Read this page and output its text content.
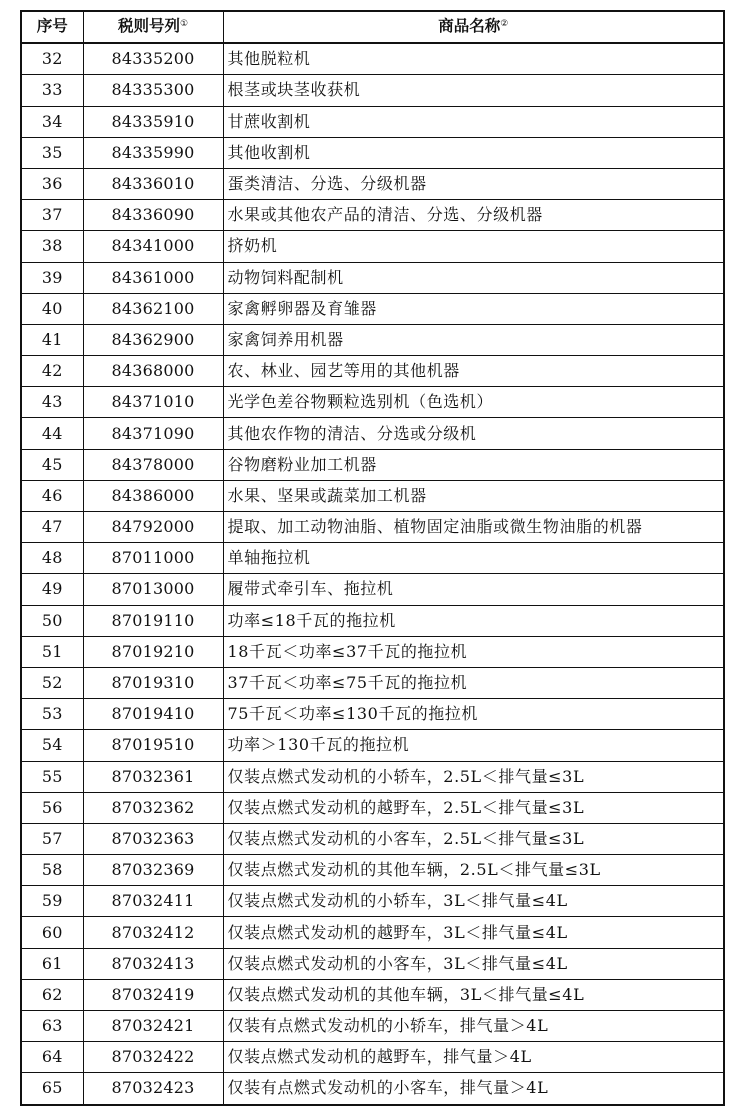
序号	税则号列①	商品名称②
32	84335200	其他脱粒机
33	84335300	根茎或块茎收获机
34	84335910	甘蔗收割机
35	84335990	其他收割机
36	84336010	蛋类清洁、分选、分级机器
37	84336090	水果或其他农产品的清洁、分选、分级机器
38	84341000	挤奶机
39	84361000	动物饲料配制机
40	84362100	家禽孵卵器及育雏器
41	84362900	家禽饲养用机器
42	84368000	农、林业、园艺等用的其他机器
43	84371010	光学色差谷物颗粒选别机（色选机）
44	84371090	其他农作物的清洁、分选或分级机
45	84378000	谷物磨粉业加工机器
46	84386000	水果、坚果或蔬菜加工机器
47	84792000	提取、加工动物油脂、植物固定油脂或微生物油脂的机器
48	87011000	单轴拖拉机
49	87013000	履带式牵引车、拖拉机
50	87019110	功率≤18千瓦的拖拉机
51	87019210	18千瓦＜功率≤37千瓦的拖拉机
52	87019310	37千瓦＜功率≤75千瓦的拖拉机
53	87019410	75千瓦＜功率≤130千瓦的拖拉机
54	87019510	功率＞130千瓦的拖拉机
55	87032361	仅装点燃式发动机的小轿车，2.5L＜排气量≤3L
56	87032362	仅装点燃式发动机的越野车，2.5L＜排气量≤3L
57	87032363	仅装点燃式发动机的小客车，2.5L＜排气量≤3L
58	87032369	仅装点燃式发动机的其他车辆，2.5L＜排气量≤3L
59	87032411	仅装点燃式发动机的小轿车，3L＜排气量≤4L
60	87032412	仅装点燃式发动机的越野车，3L＜排气量≤4L
61	87032413	仅装点燃式发动机的小客车，3L＜排气量≤4L
62	87032419	仅装点燃式发动机的其他车辆，3L＜排气量≤4L
63	87032421	仅装有点燃式发动机的小轿车，排气量＞4L
64	87032422	仅装点燃式发动机的越野车，排气量＞4L
65	87032423	仅装有点燃式发动机的小客车，排气量＞4L
